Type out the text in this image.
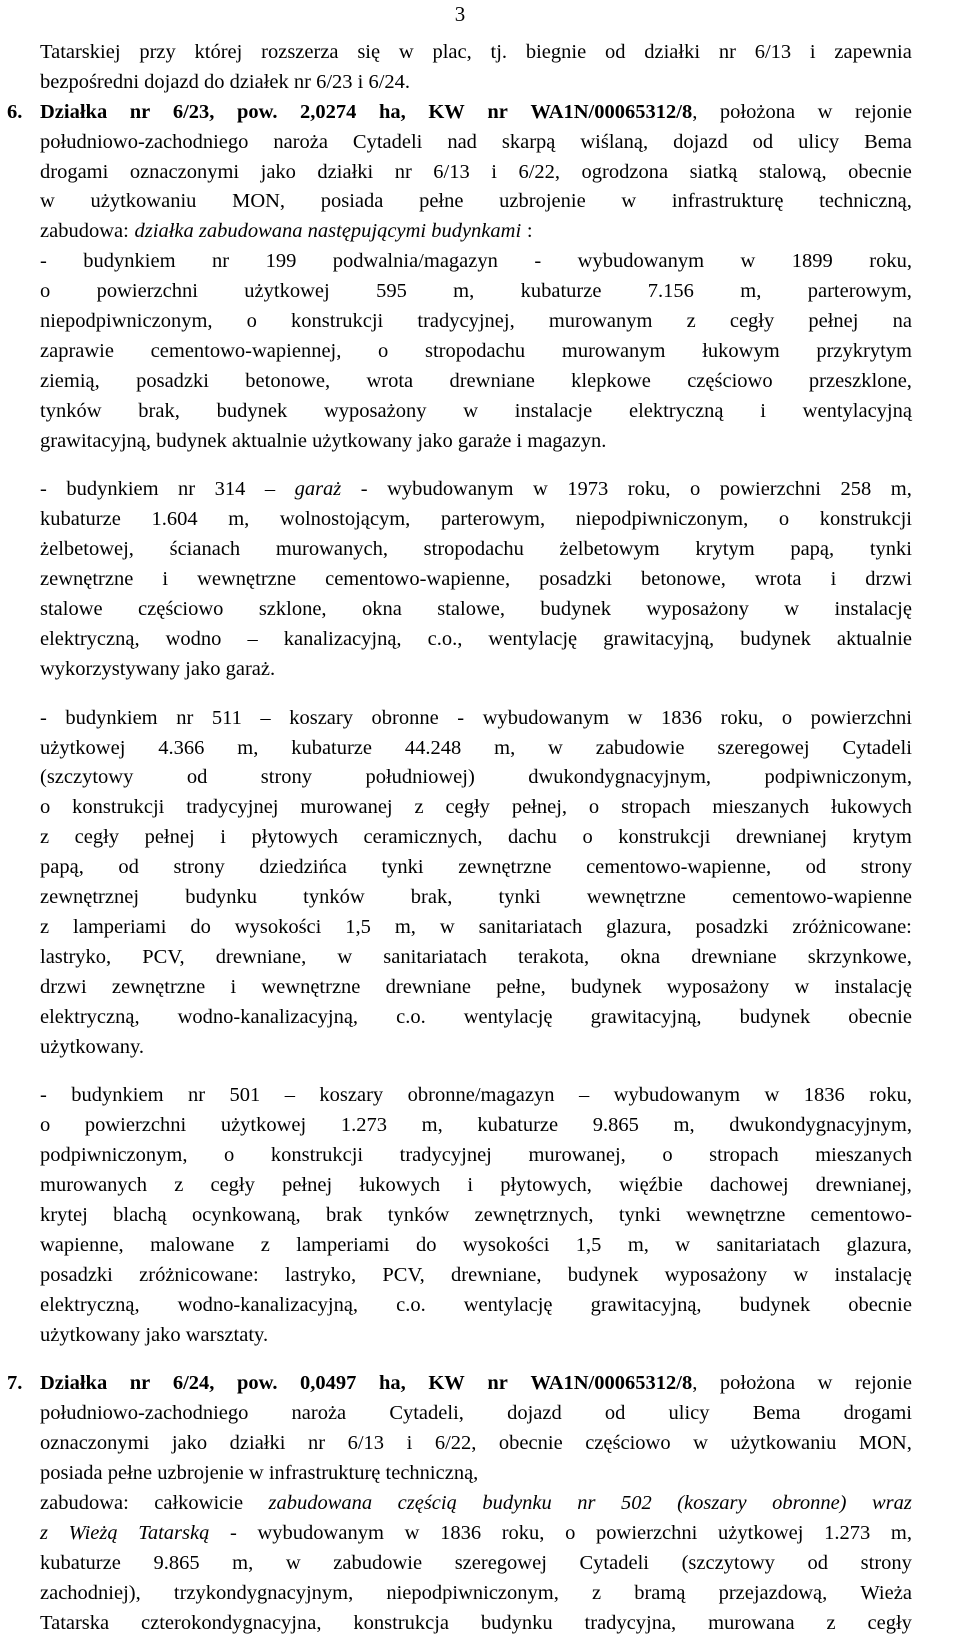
3
Tatarskiej przy której rozszerza się w plac, tj. biegnie od działki nr 6/13 i zapewnia
bezpośredni dojazd do działek nr 6/23 i 6/24.
6. Działka nr 6/23, pow. 2,0274 ha, KW nr WA1N/00065312/8, położona w rejonie
południowo-zachodniego naroża Cytadeli nad skarpą wiślaną, dojazd od ulicy Bema
drogami oznaczonymi jako działki nr 6/13 i 6/22, ogrodzona siatką stalową, obecnie
w użytkowaniu MON, posiada pełne uzbrojenie w infrastrukturę techniczną,
zabudowa: działka zabudowana następującymi budynkami :
- budynkiem nr 199 podwalnia/magazyn - wybudowanym w 1899 roku,
o powierzchni użytkowej 595 m, kubaturze 7.156 m, parterowym,
niepodpiwniczonym, o konstrukcji tradycyjnej, murowanym z cegły pełnej na
zaprawie cementowo-wapiennej, o stropodachu murowanym łukowym przykrytym
ziemią, posadzki betonowe, wrota drewniane klepkowe częściowo przeszklone,
tynków brak, budynek wyposażony w instalacje elektryczną i wentylacyjną
grawitacyjną, budynek aktualnie użytkowany jako garaże i magazyn.
- budynkiem nr 314 – garaż - wybudowanym w 1973 roku, o powierzchni 258 m,
kubaturze 1.604 m, wolnostojącym, parterowym, niepodpiwniczonym, o konstrukcji
żelbetowej, ścianach murowanych, stropodachu żelbetowym krytym papą, tynki
zewnętrzne i wewnętrzne cementowo-wapienne, posadzki betonowe, wrota i drzwi
stalowe częściowo szklone, okna stalowe, budynek wyposażony w instalację
elektryczną, wodno – kanalizacyjną, c.o., wentylację grawitacyjną, budynek aktualnie
wykorzystywany jako garaż.
- budynkiem nr 511 – koszary obronne - wybudowanym w 1836 roku, o powierzchni
użytkowej 4.366 m, kubaturze 44.248 m, w zabudowie szeregowej Cytadeli
(szczytowy	od	strony	południowej)	dwukondygnacyjnym,	podpiwniczonym,
o konstrukcji tradycyjnej murowanej z cegły pełnej, o stropach mieszanych łukowych
z cegły pełnej i płytowych ceramicznych, dachu o konstrukcji drewnianej krytym
papą, od strony dziedzińca tynki zewnętrzne cementowo-wapienne, od strony
zewnętrznej budynku tynków brak, tynki wewnętrzne cementowo-wapienne
z lamperiami do wysokości 1,5 m, w sanitariatach glazura, posadzki zróżnicowane:
lastryko, PCV, drewniane, w sanitariatach terakota, okna drewniane skrzynkowe,
drzwi zewnętrzne i wewnętrzne drewniane pełne, budynek wyposażony w instalację
elektryczną, wodno-kanalizacyjną, c.o. wentylację grawitacyjną, budynek obecnie
użytkowany.
- budynkiem nr 501 – koszary obronne/magazyn – wybudowanym w 1836 roku,
o powierzchni użytkowej 1.273 m, kubaturze 9.865 m, dwukondygnacyjnym,
podpiwniczonym, o konstrukcji tradycyjnej murowanej, o stropach mieszanych
murowanych z cegły pełnej łukowych i płytowych, więźbie dachowej drewnianej,
krytej blachą ocynkowaną, brak tynków zewnętrznych, tynki wewnętrzne cementowo-
wapienne, malowane z lamperiami do wysokości 1,5 m, w sanitariatach glazura,
posadzki zróżnicowane: lastryko, PCV, drewniane, budynek wyposażony w instalację
elektryczną, wodno-kanalizacyjną, c.o. wentylację grawitacyjną, budynek obecnie
użytkowany jako warsztaty.
7. Działka nr 6/24, pow. 0,0497 ha, KW nr WA1N/00065312/8, położona w rejonie
południowo-zachodniego naroża Cytadeli, dojazd od ulicy Bema drogami
oznaczonymi jako działki nr 6/13 i 6/22, obecnie częściowo w użytkowaniu MON,
posiada pełne uzbrojenie w infrastrukturę techniczną,
zabudowa: całkowicie zabudowana częścią budynku nr 502 (koszary obronne) wraz
z Wieżą Tatarską - wybudowanym w 1836 roku, o powierzchni użytkowej 1.273 m,
kubaturze 9.865 m, w zabudowie szeregowej Cytadeli (szczytowy od strony
zachodniej), trzykondygnacyjnym, niepodpiwniczonym, z bramą przejazdową, Wieża
Tatarska czterokondygnacyjna, konstrukcja budynku tradycyjna, murowana z cegły
